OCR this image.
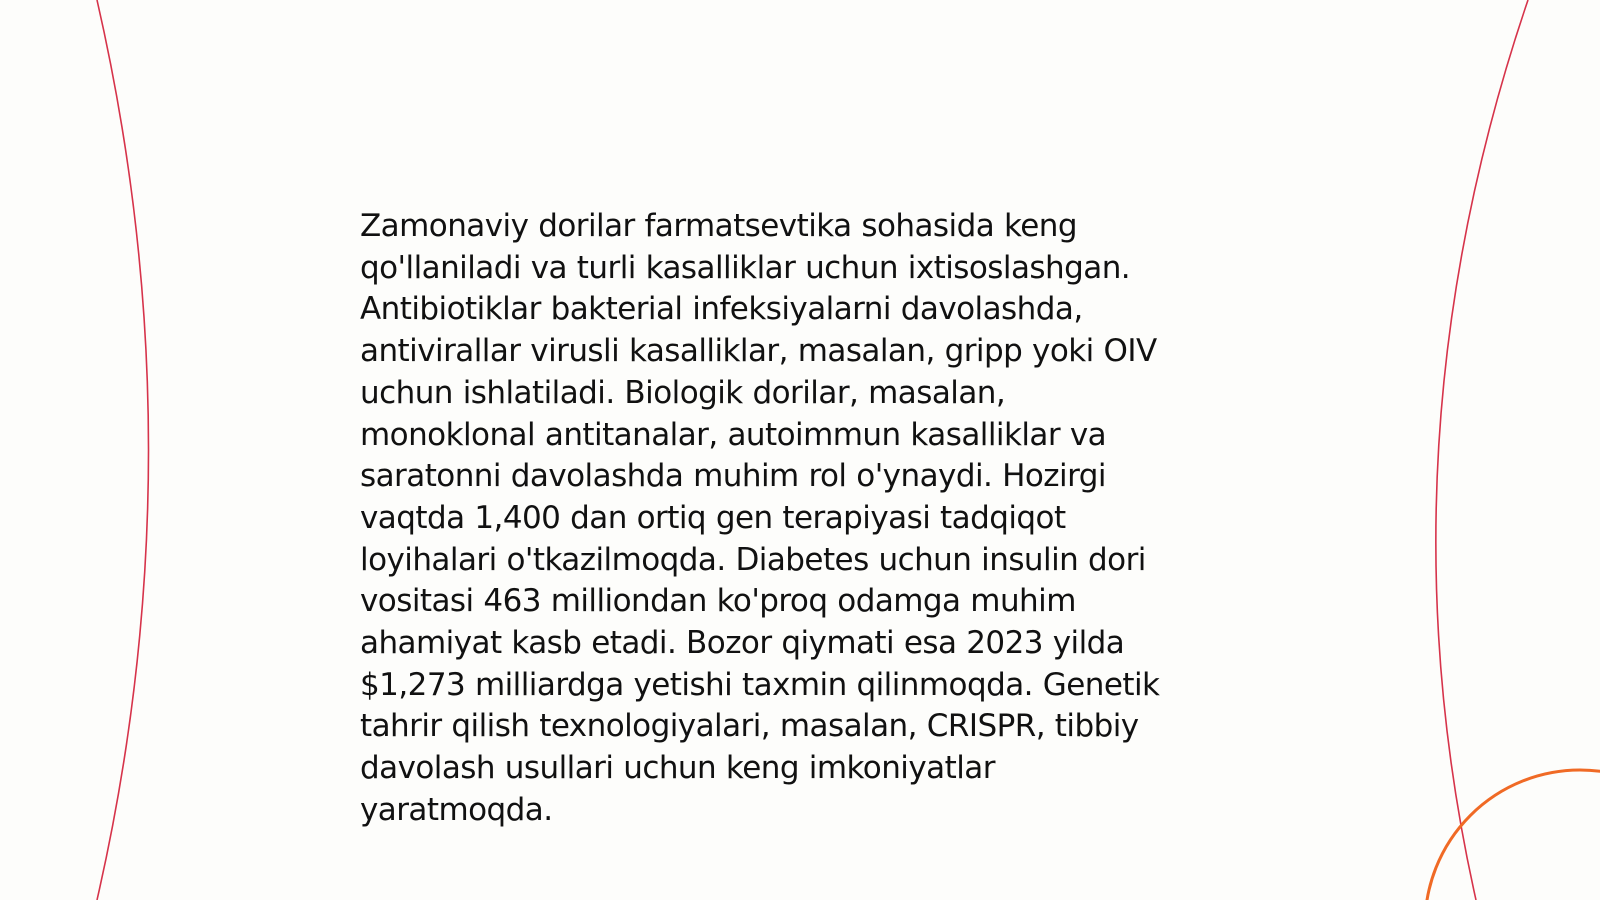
Zamonaviy dorilar farmatsevtika sohasida keng
qo'llaniladi va turli kasalliklar uchun ixtisoslashgan.
Antibiotiklar bakterial infeksiyalarni davolashda,
antivirallar virusli kasalliklar, masalan, gripp yoki OIV
uchun ishlatiladi. Biologik dorilar, masalan,
monoklonal antitanalar, autoimmun kasalliklar va
saratonni davolashda muhim rol o'ynaydi. Hozirgi
vaqtda 1,400 dan ortiq gen terapiyasi tadqiqot
loyihalari o'tkazilmoqda. Diabetes uchun insulin dori
vositasi 463 milliondan ko'proq odamga muhim
ahamiyat kasb etadi. Bozor qiymati esa 2023 yilda
$1,273 milliardga yetishi taxmin qilinmoqda. Genetik
tahrir qilish texnologiyalari, masalan, CRISPR, tibbiy
davolash usullari uchun keng imkoniyatlar
yaratmoqda.
